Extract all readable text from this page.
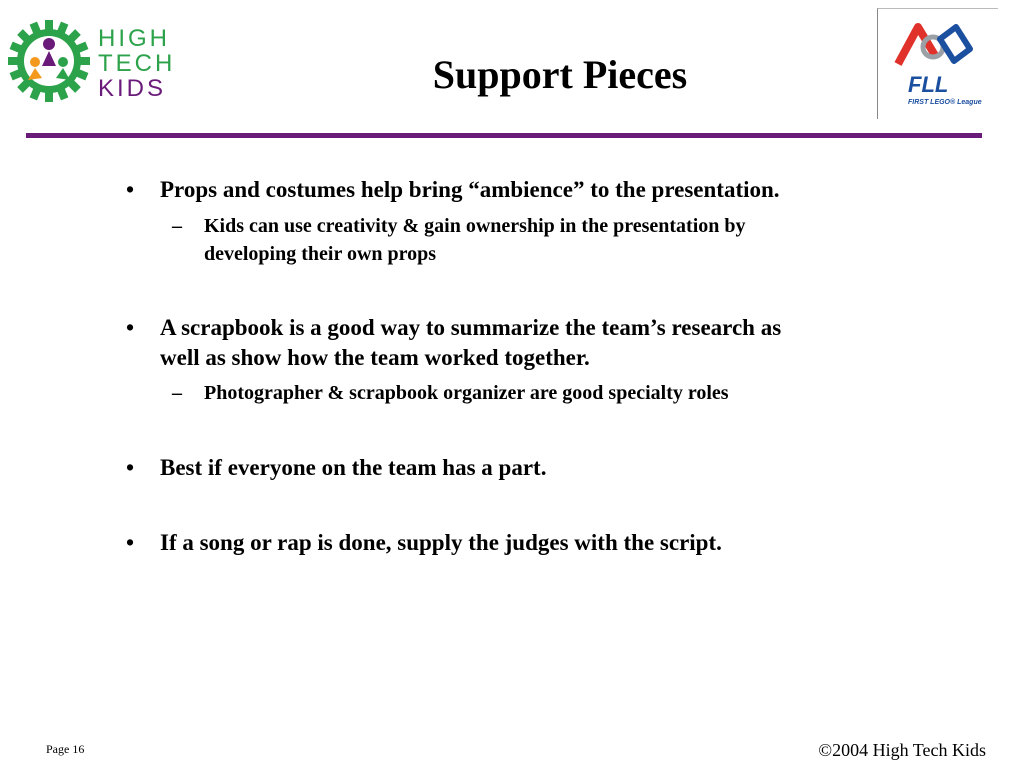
HIGH
TECH
KIDS	Support Pieces	FLL
FIRST LEGO® League
• Props and costumes help bring “ambience” to the presentation.
– Kids can use creativity & gain ownership in the presentation by
developing their own props
• A scrapbook is a good way to summarize the team’s research as
well as show how the team worked together.
– Photographer & scrapbook organizer are good specialty roles
• Best if everyone on the team has a part.
• If a song or rap is done, supply the judges with the script.
Page 16	©2004 High Tech Kids
